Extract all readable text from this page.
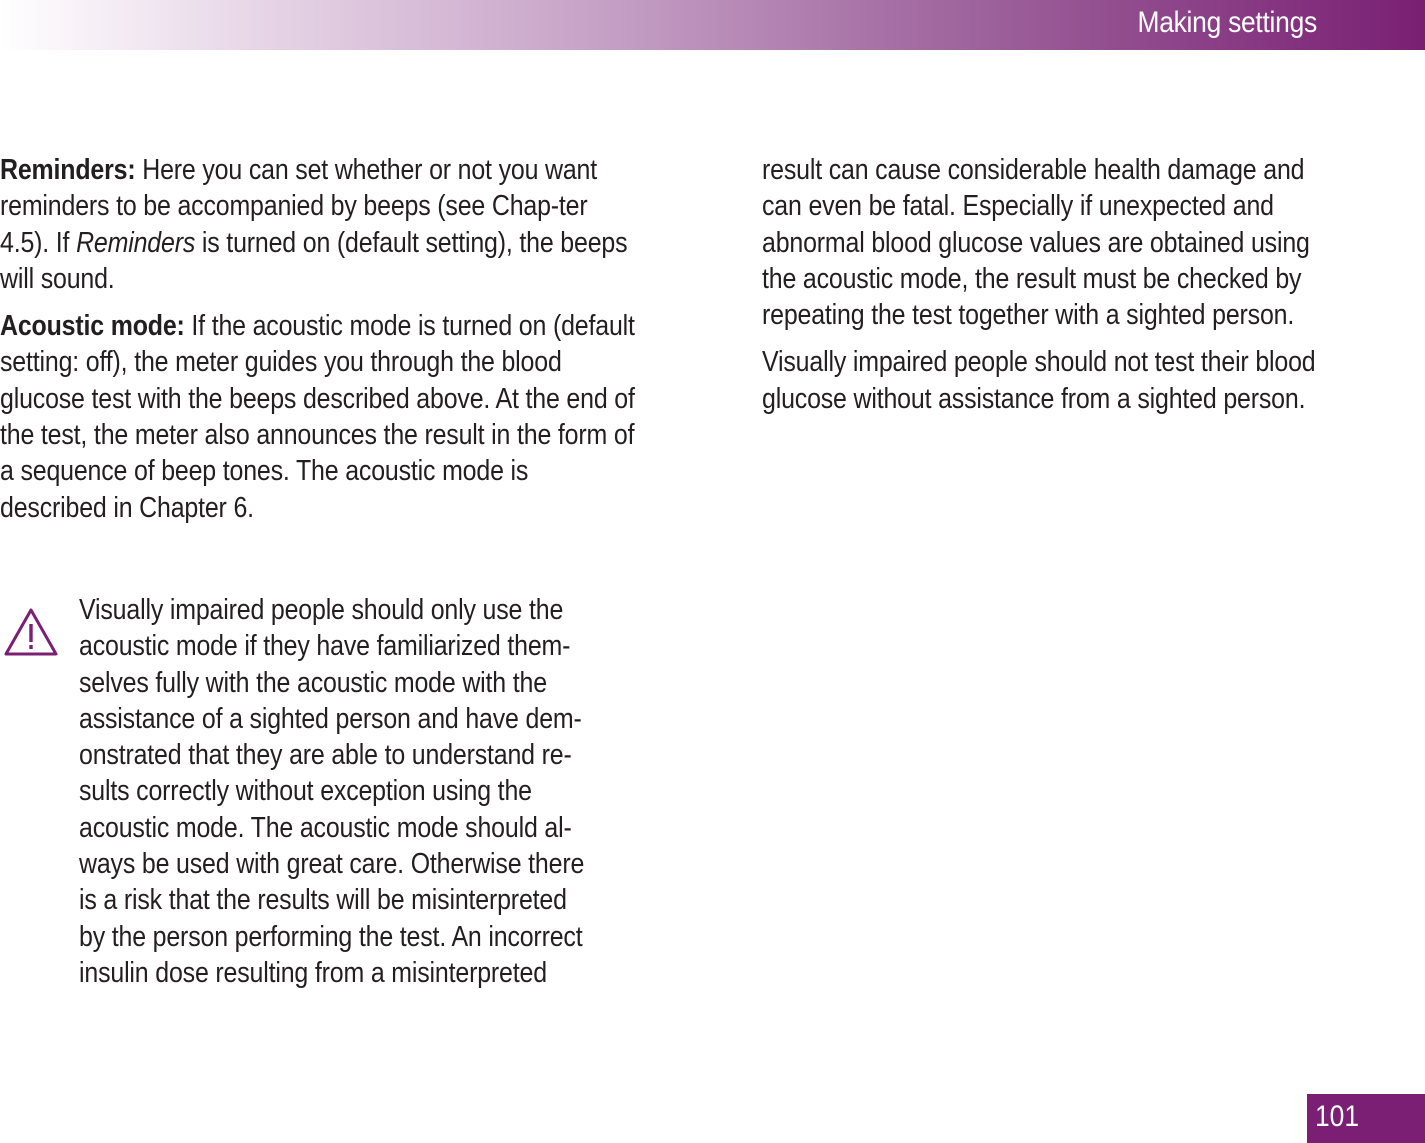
Making settings

Reminders: Here you can set whether or not you want reminders to be accompanied by beeps (see Chap-ter 4.5). If Reminders is turned on (default setting), the beeps will sound.

Acoustic mode: If the acoustic mode is turned on (default setting: off), the meter guides you through the blood glucose test with the beeps described above. At the end of the test, the meter also announces the result in the form of a sequence of beep tones. The acoustic mode is described in Chapter 6.

Visually impaired people should only use the
acoustic mode if they have familiarized them-
selves fully with the acoustic mode with the
assistance of a sighted person and have dem-
onstrated that they are able to understand re-
sults correctly without exception using the
acoustic mode. The acoustic mode should al-
ways be used with great care. Otherwise there
is a risk that the results will be misinterpreted
by the person performing the test. An incorrect
insulin dose resulting from a misinterpreted

result can cause considerable health damage and can even be fatal. Especially if unexpected and abnormal blood glucose values are obtained using the acoustic mode, the result must be checked by repeating the test together with a sighted person.

Visually impaired people should not test their blood glucose without assistance from a sighted person.

101
